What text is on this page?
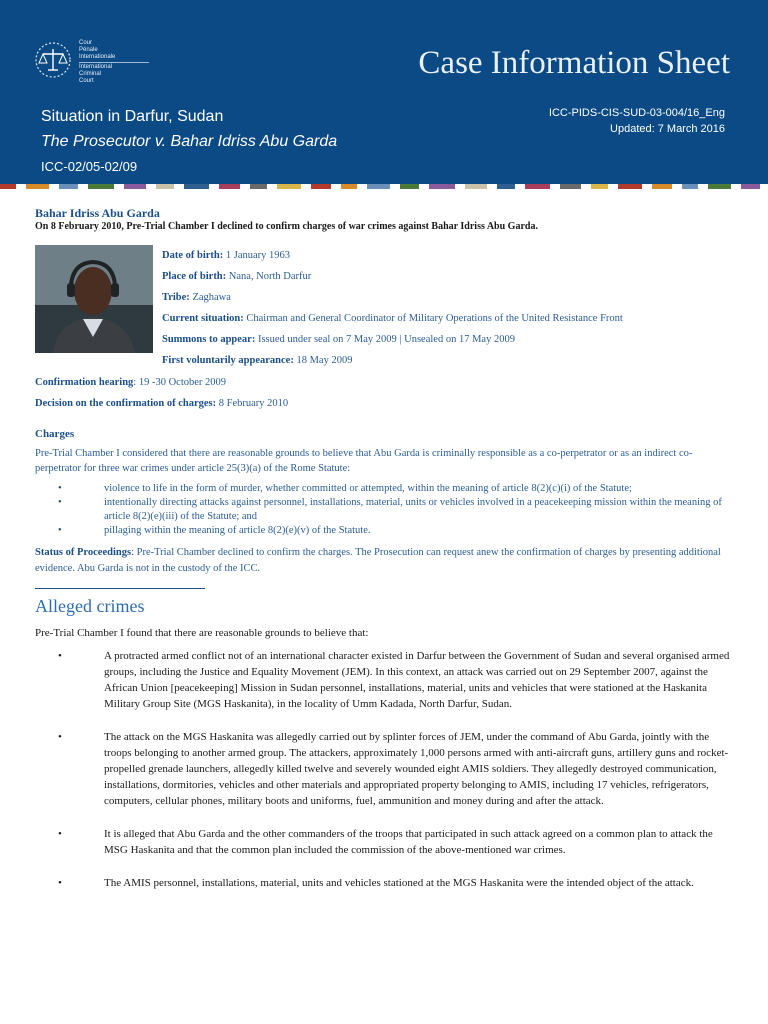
Cour
Pénale
Internationale
International
Criminal
Court	Case Information Sheet
Situation in Darfur, Sudan
The Prosecutor v. Bahar Idriss Abu Garda
ICC-02/05-02/09
ICC-PIDS-CIS-SUD-03-004/16_Eng
Updated: 7 March 2016
Bahar Idriss Abu Garda
On 8 February 2010, Pre-Trial Chamber I declined to confirm charges of war crimes against Bahar Idriss Abu Garda.
Date of birth: 1 January 1963
Place of birth: Nana, North Darfur
Tribe: Zaghawa
Current situation: Chairman and General Coordinator of Military Operations of the United Resistance Front
Summons to appear: Issued under seal on 7 May 2009 | Unsealed on 17 May 2009
First voluntarily appearance: 18 May 2009
Confirmation hearing: 19 -30 October 2009
Decision on the confirmation of charges: 8 February 2010
Charges
Pre-Trial Chamber I considered that there are reasonable grounds to believe that Abu Garda is criminally responsible as a co-perpetrator or as an indirect co-perpetrator for three war crimes under article 25(3)(a) of the Rome Statute:
•	violence to life in the form of murder, whether committed or attempted, within the meaning of article 8(2)(c)(i) of the Statute;
•	intentionally directing attacks against personnel, installations, material, units or vehicles involved in a peacekeeping mission within the meaning of article 8(2)(e)(iii) of the Statute; and
•	pillaging within the meaning of article 8(2)(e)(v) of the Statute.
Status of Proceedings: Pre-Trial Chamber declined to confirm the charges. The Prosecution can request anew the confirmation of charges by presenting additional evidence. Abu Garda is not in the custody of the ICC.
Alleged crimes
Pre-Trial Chamber I found that there are reasonable grounds to believe that:
•	A protracted armed conflict not of an international character existed in Darfur between the Government of Sudan and several organised armed groups, including the Justice and Equality Movement (JEM). In this context, an attack was carried out on 29 September 2007, against the African Union [peacekeeping] Mission in Sudan personnel, installations, material, units and vehicles that were stationed at the Haskanita Military Group Site (MGS Haskanita), in the locality of Umm Kadada, North Darfur, Sudan.
•	The attack on the MGS Haskanita was allegedly carried out by splinter forces of JEM, under the command of Abu Garda, jointly with the troops belonging to another armed group. The attackers, approximately 1,000 persons armed with anti-aircraft guns, artillery guns and rocket-propelled grenade launchers, allegedly killed twelve and severely wounded eight AMIS soldiers. They allegedly destroyed communication, installations, dormitories, vehicles and other materials and appropriated property belonging to AMIS, including 17 vehicles, refrigerators, computers, cellular phones, military boots and uniforms, fuel, ammunition and money during and after the attack.
•	It is alleged that Abu Garda and the other commanders of the troops that participated in such attack agreed on a common plan to attack the MSG Haskanita and that the common plan included the commission of the above-mentioned war crimes.
•	The AMIS personnel, installations, material, units and vehicles stationed at the MGS Haskanita were the intended object of the attack.
